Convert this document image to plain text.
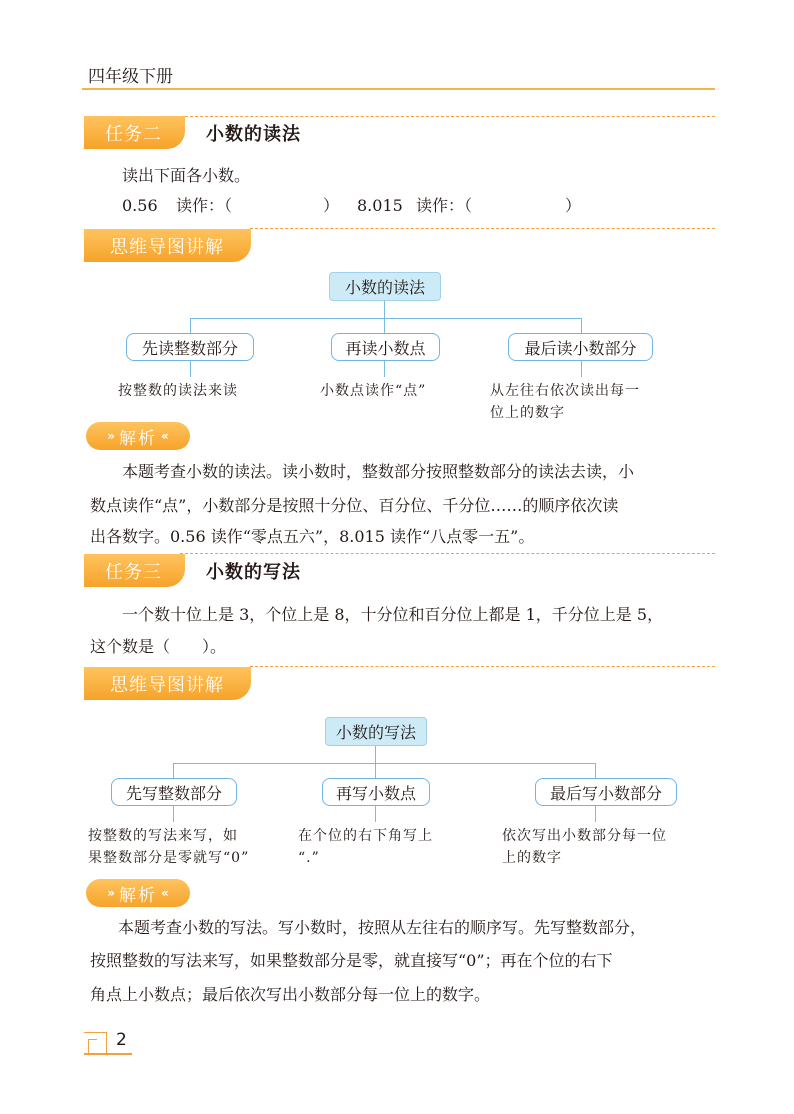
四年级下册
任务二	小数的读法
读出下面各小数。
0.56 读作：（	） 8.015 读作：（	）
思维导图讲解
小数的读法
先读整数部分	再读小数点	最后读小数部分
按整数的读法来读	小数点读作“点”	从左往右依次读出每一
位上的数字
» 解析 «
本题考查小数的读法。读小数时，整数部分按照整数部分的读法去读，小
数点读作“点”，小数部分是按照十分位、百分位、千分位……的顺序依次读
出各数字。0.56 读作“零点五六”，8.015 读作“八点零一五”。
任务三	小数的写法
一个数十位上是 3，个位上是 8，十分位和百分位上都是 1，千分位上是 5，
这个数是（　　）。
思维导图讲解
小数的写法
先写整数部分	再写小数点	最后写小数部分
按整数的写法来写，如
果整数部分是零就写“0”
在个位的右下角写上
“.”
依次写出小数部分每一位
上的数字
» 解析 «
本题考查小数的写法。写小数时，按照从左往右的顺序写。先写整数部分，
按照整数的写法来写，如果整数部分是零，就直接写“0”；再在个位的右下
角点上小数点；最后依次写出小数部分每一位上的数字。
2
